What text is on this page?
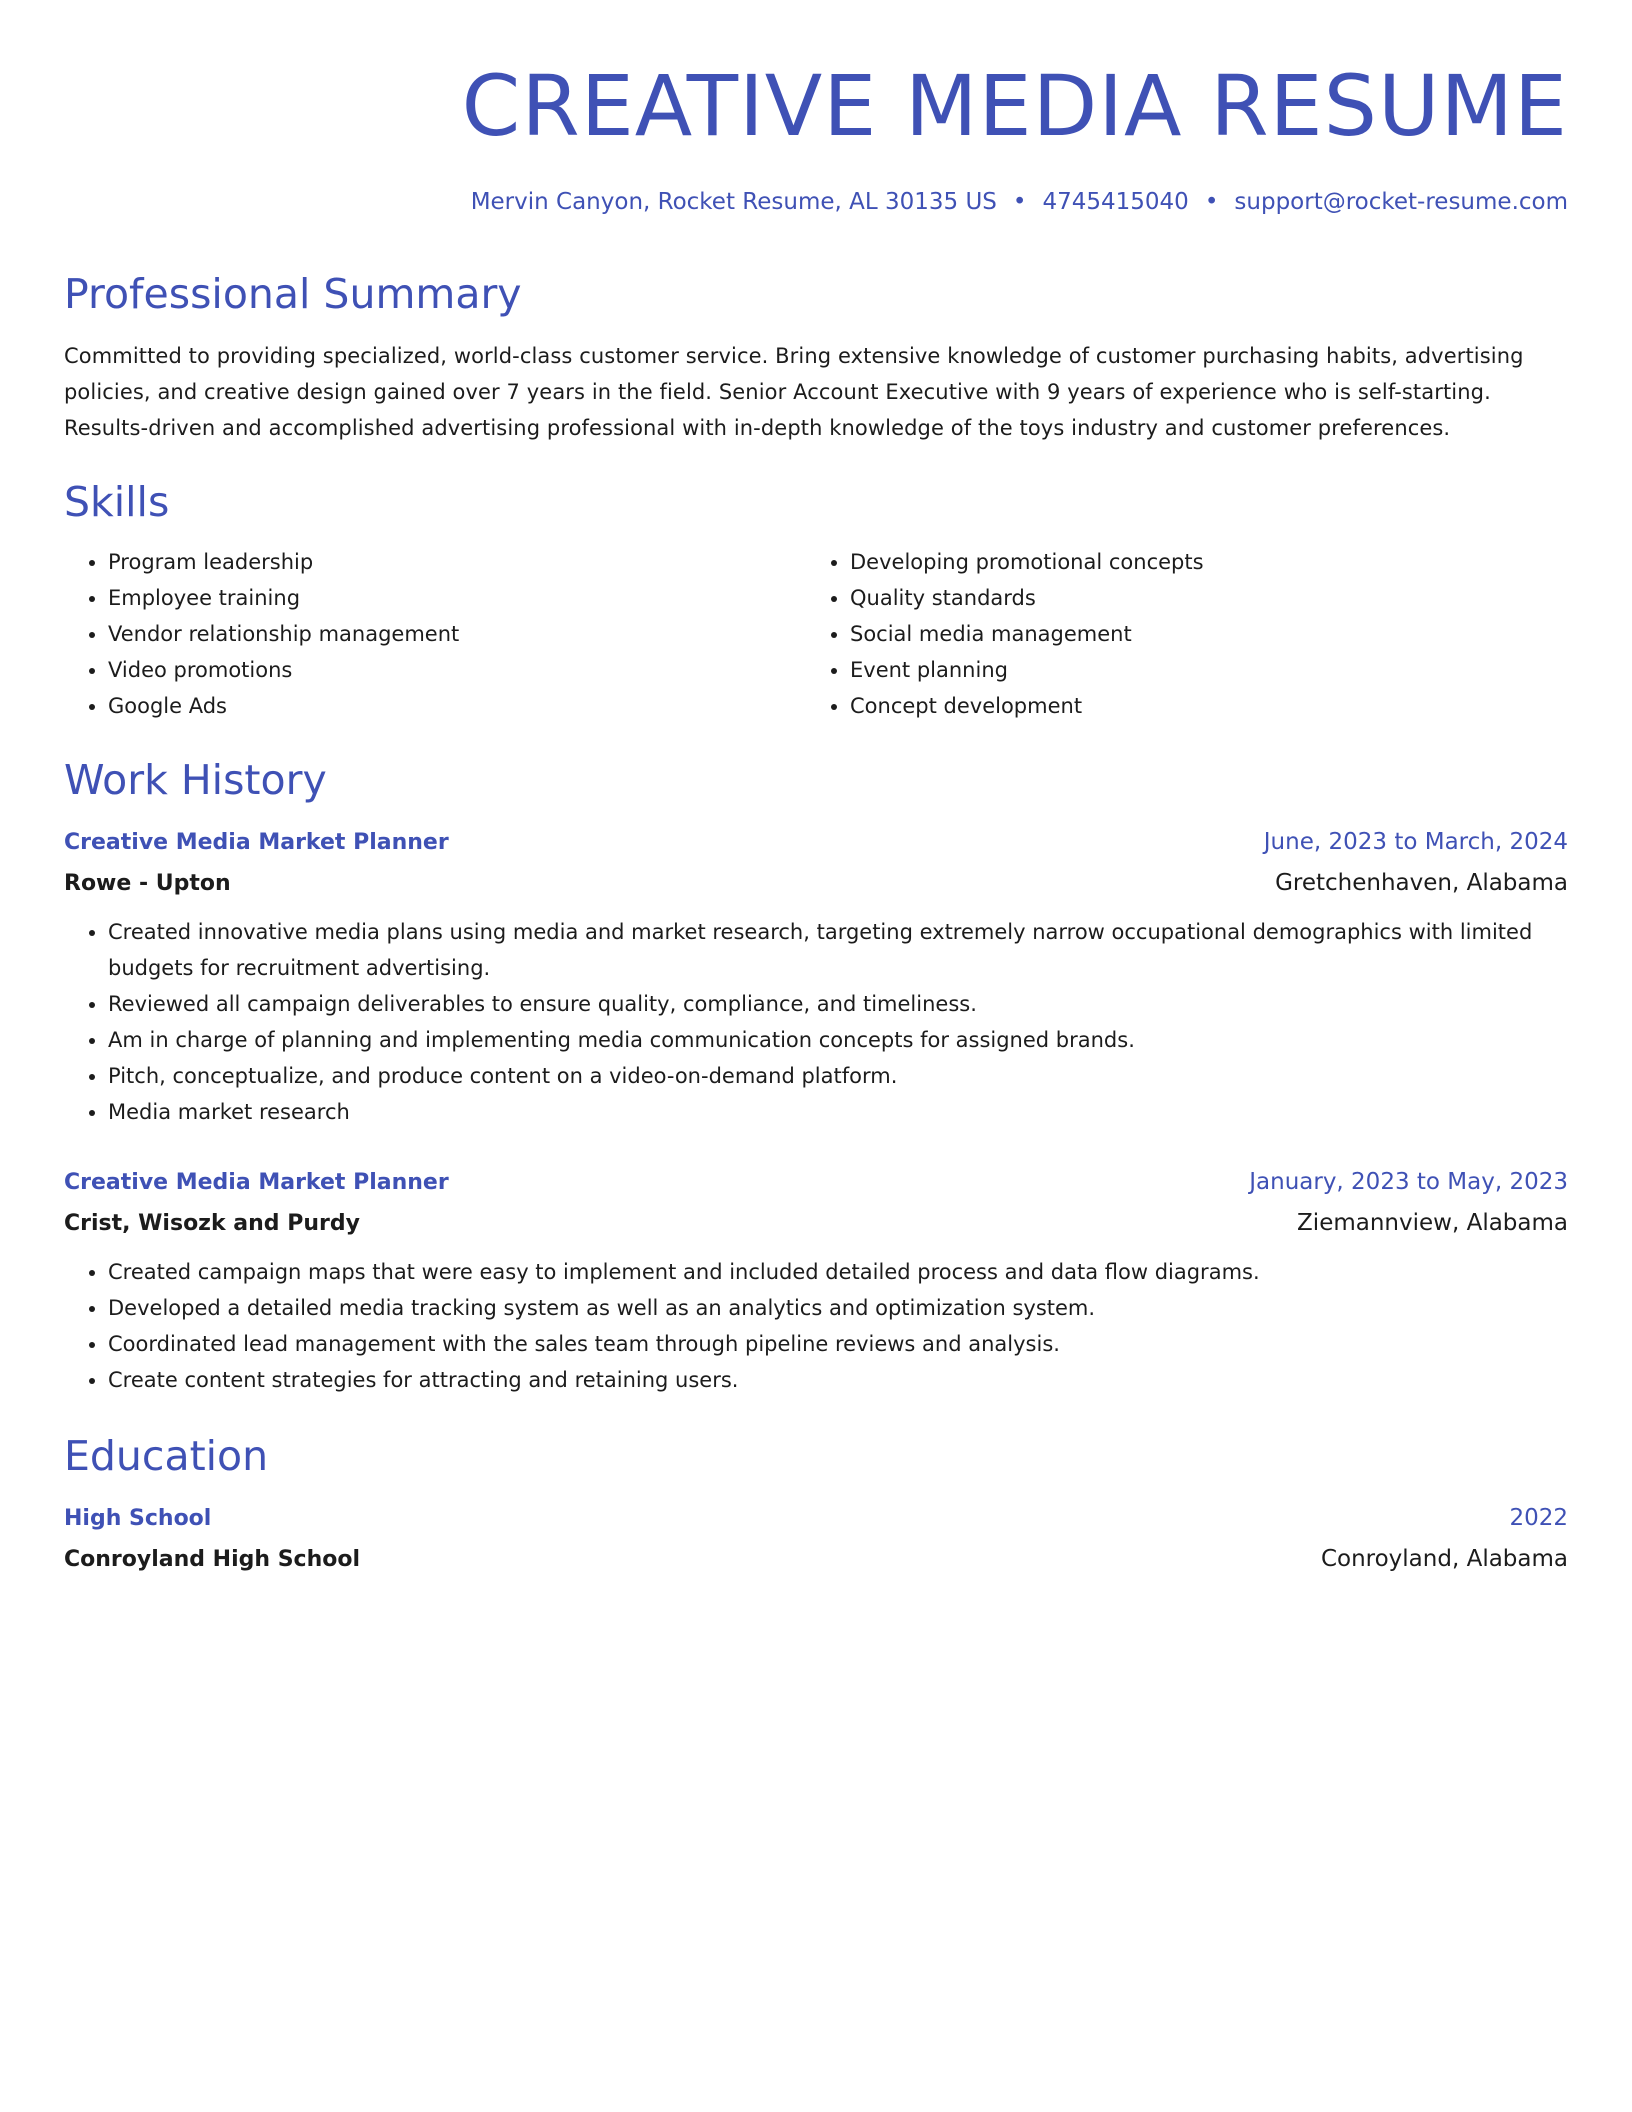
CREATIVE MEDIA RESUME
Mervin Canyon, Rocket Resume, AL 30135 US • 4745415040 • support@rocket-resume.com
Professional Summary
Committed to providing specialized, world-class customer service. Bring extensive knowledge of customer purchasing habits, advertising policies, and creative design gained over 7 years in the field. Senior Account Executive with 9 years of experience who is self-starting. Results-driven and accomplished advertising professional with in-depth knowledge of the toys industry and customer preferences.
Skills
• Program leadership
• Employee training
• Vendor relationship management
• Video promotions
• Google Ads
• Developing promotional concepts
• Quality standards
• Social media management
• Event planning
• Concept development
Work History
Creative Media Market Planner	June, 2023 to March, 2024
Rowe - Upton	Gretchenhaven, Alabama
• Created innovative media plans using media and market research, targeting extremely narrow occupational demographics with limited budgets for recruitment advertising.
• Reviewed all campaign deliverables to ensure quality, compliance, and timeliness.
• Am in charge of planning and implementing media communication concepts for assigned brands.
• Pitch, conceptualize, and produce content on a video-on-demand platform.
• Media market research
Creative Media Market Planner	January, 2023 to May, 2023
Crist, Wisozk and Purdy	Ziemannview, Alabama
• Created campaign maps that were easy to implement and included detailed process and data flow diagrams.
• Developed a detailed media tracking system as well as an analytics and optimization system.
• Coordinated lead management with the sales team through pipeline reviews and analysis.
• Create content strategies for attracting and retaining users.
Education
High School	2022
Conroyland High School	Conroyland, Alabama
